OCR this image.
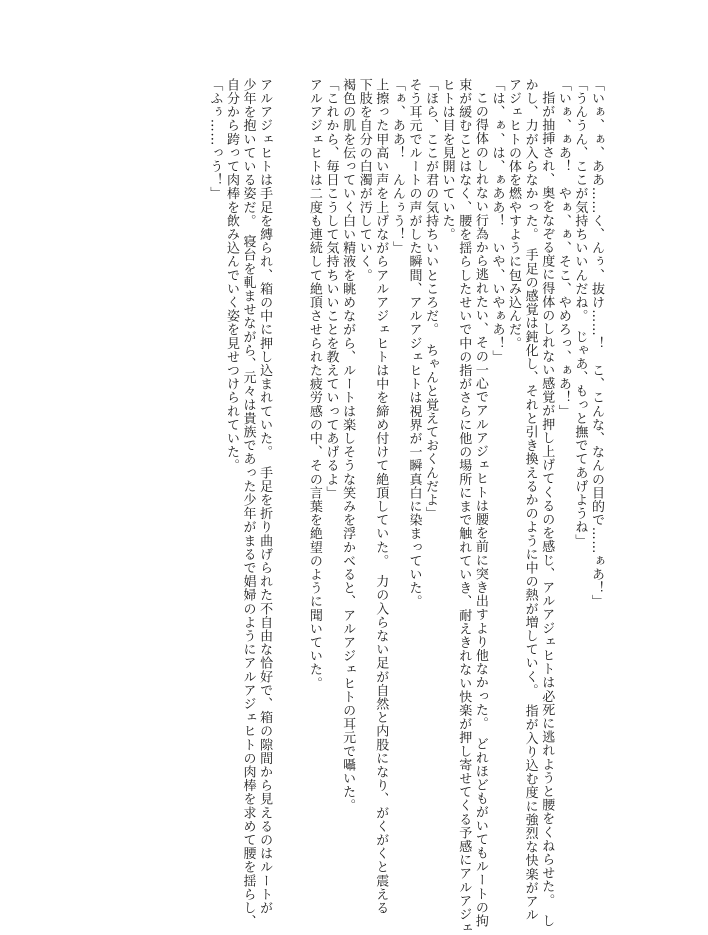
「いぁ、ぁ、ああ……く、んぅ、抜け……！　こ、こんな、なんの目的で……ぁあ！」
「うんうん、ここが気持ちいいんだね。　じゃあ、もっと撫でてあげようね」
「いぁ、ぁあ！　やぁ、ぁ、そこ、やめろっ、ぁあ！」
指が抽挿され、奥をなぞる度に得体のしれない感覚が押し上げてくるのを感じ、アルアジェヒトは必死に逃れようと腰をくねらせた。　し
かし、力が入らなかった。　手足の感覚は鈍化し、それと引き換えるかのように中の熱が増していく。　指が入り込む度に強烈な快楽がアル
アジェヒトの体を燃やすように包み込んだ。
「は、ぁ、は、ぁああ！　いや、いやぁあ！」
この得体のしれない行為から逃れたい、その一心でアルアジェヒトは腰を前に突き出すより他なかった。　どれほどもがいてもルートの拘
束が緩むことはなく、腰を揺らしたせいで中の指がさらに他の場所にまで触れていき、耐えきれない快楽が押し寄せてくる予感にアルアジェ
ヒトは目を見開いていた。
「ほら、ここが君の気持ちいいところだ。　ちゃんと覚えておくんだよ」
そう耳元でルートの声がした瞬間、アルアジェヒトは視界が一瞬真白に染まっていた。
「ぁ、ああ！　んんぅう！」
上擦った甲高い声を上げながらアルアジェヒトは中を締め付けて絶頂していた。　力の入らない足が自然と内股になり、がくがくと震える
下肢を自分の白濁が汚していく。
褐色の肌を伝っていく白い精液を眺めながら、ルートは楽しそうな笑みを浮かべると、アルアジェヒトの耳元で囁いた。
「これから、毎日こうして気持ちいいことを教えていってあげるよ」
アルアジェヒトは二度も連続して絶頂させられた疲労感の中、その言葉を絶望のように聞いていた。

アルアジェヒトは手足を縛られ、箱の中に押し込まれていた。　手足を折り曲げられた不自由な恰好で、箱の隙間から見えるのはルートが
少年を抱いている姿だ。　寝台を軋ませながら、元々は貴族であった少年がまるで娼婦のようにアルアジェヒトの肉棒を求めて腰を揺らし、
自分から跨って肉棒を飲み込んでいく姿を見せつけられていた。
「ふぅ……っう！」
